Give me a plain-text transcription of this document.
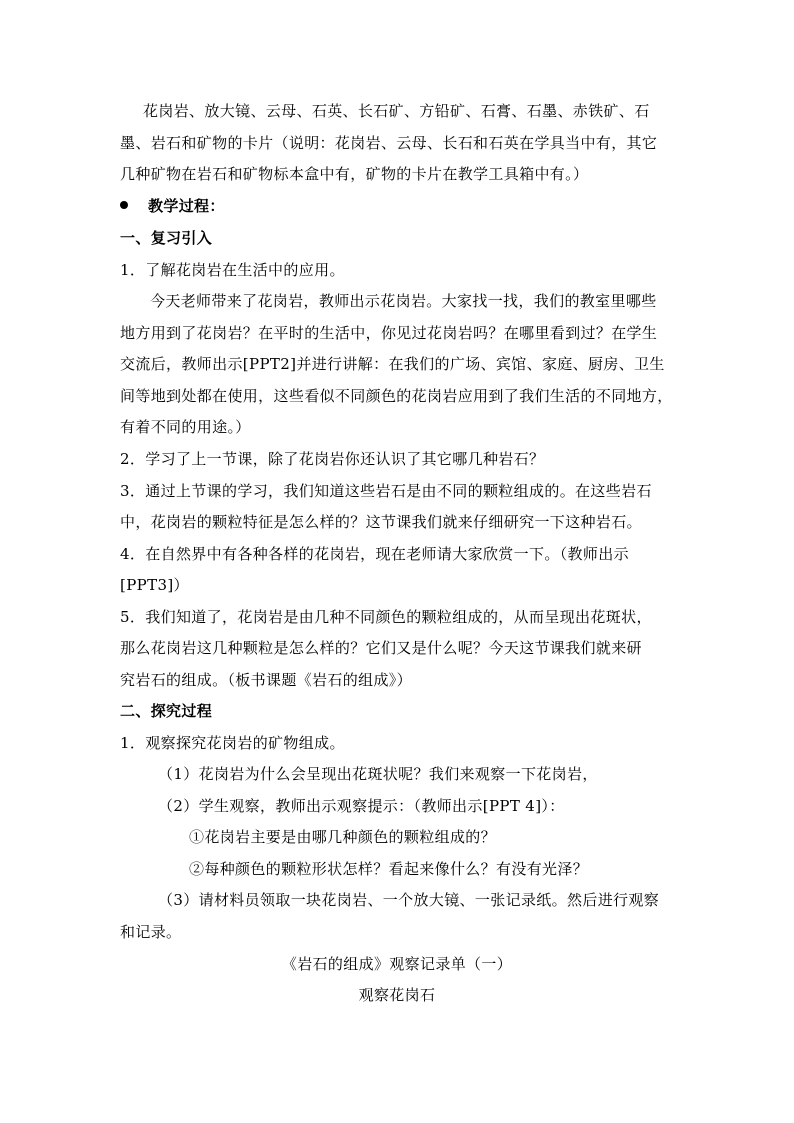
花岗岩、放大镜、云母、石英、长石矿、方铅矿、石膏、石墨、赤铁矿、石
墨、岩石和矿物的卡片（说明：花岗岩、云母、长石和石英在学具当中有，其它
几种矿物在岩石和矿物标本盒中有，矿物的卡片在教学工具箱中有。）
教学过程：
一、复习引入
1．了解花岗岩在生活中的应用。
今天老师带来了花岗岩，教师出示花岗岩。大家找一找，我们的教室里哪些
地方用到了花岗岩？在平时的生活中，你见过花岗岩吗？在哪里看到过？在学生
交流后，教师出示[PPT2]并进行讲解：在我们的广场、宾馆、家庭、厨房、卫生
间等地到处都在使用，这些看似不同颜色的花岗岩应用到了我们生活的不同地方，
有着不同的用途。）
2．学习了上一节课，除了花岗岩你还认识了其它哪几种岩石？
3．通过上节课的学习，我们知道这些岩石是由不同的颗粒组成的。在这些岩石
中，花岗岩的颗粒特征是怎么样的？这节课我们就来仔细研究一下这种岩石。
4．在自然界中有各种各样的花岗岩，现在老师请大家欣赏一下。（教师出示
[PPT3]）
5．我们知道了，花岗岩是由几种不同颜色的颗粒组成的，从而呈现出花斑状，
那么花岗岩这几种颗粒是怎么样的？它们又是什么呢？今天这节课我们就来研
究岩石的组成。（板书课题《岩石的组成》）
二、探究过程
1．观察探究花岗岩的矿物组成。
（1）花岗岩为什么会呈现出花斑状呢？我们来观察一下花岗岩，
（2）学生观察，教师出示观察提示：（教师出示[PPT 4]）：
①花岗岩主要是由哪几种颜色的颗粒组成的？
②每种颜色的颗粒形状怎样？看起来像什么？有没有光泽？
（3）请材料员领取一块花岗岩、一个放大镜、一张记录纸。然后进行观察
和记录。
《岩石的组成》观察记录单（一）
观察花岗石
